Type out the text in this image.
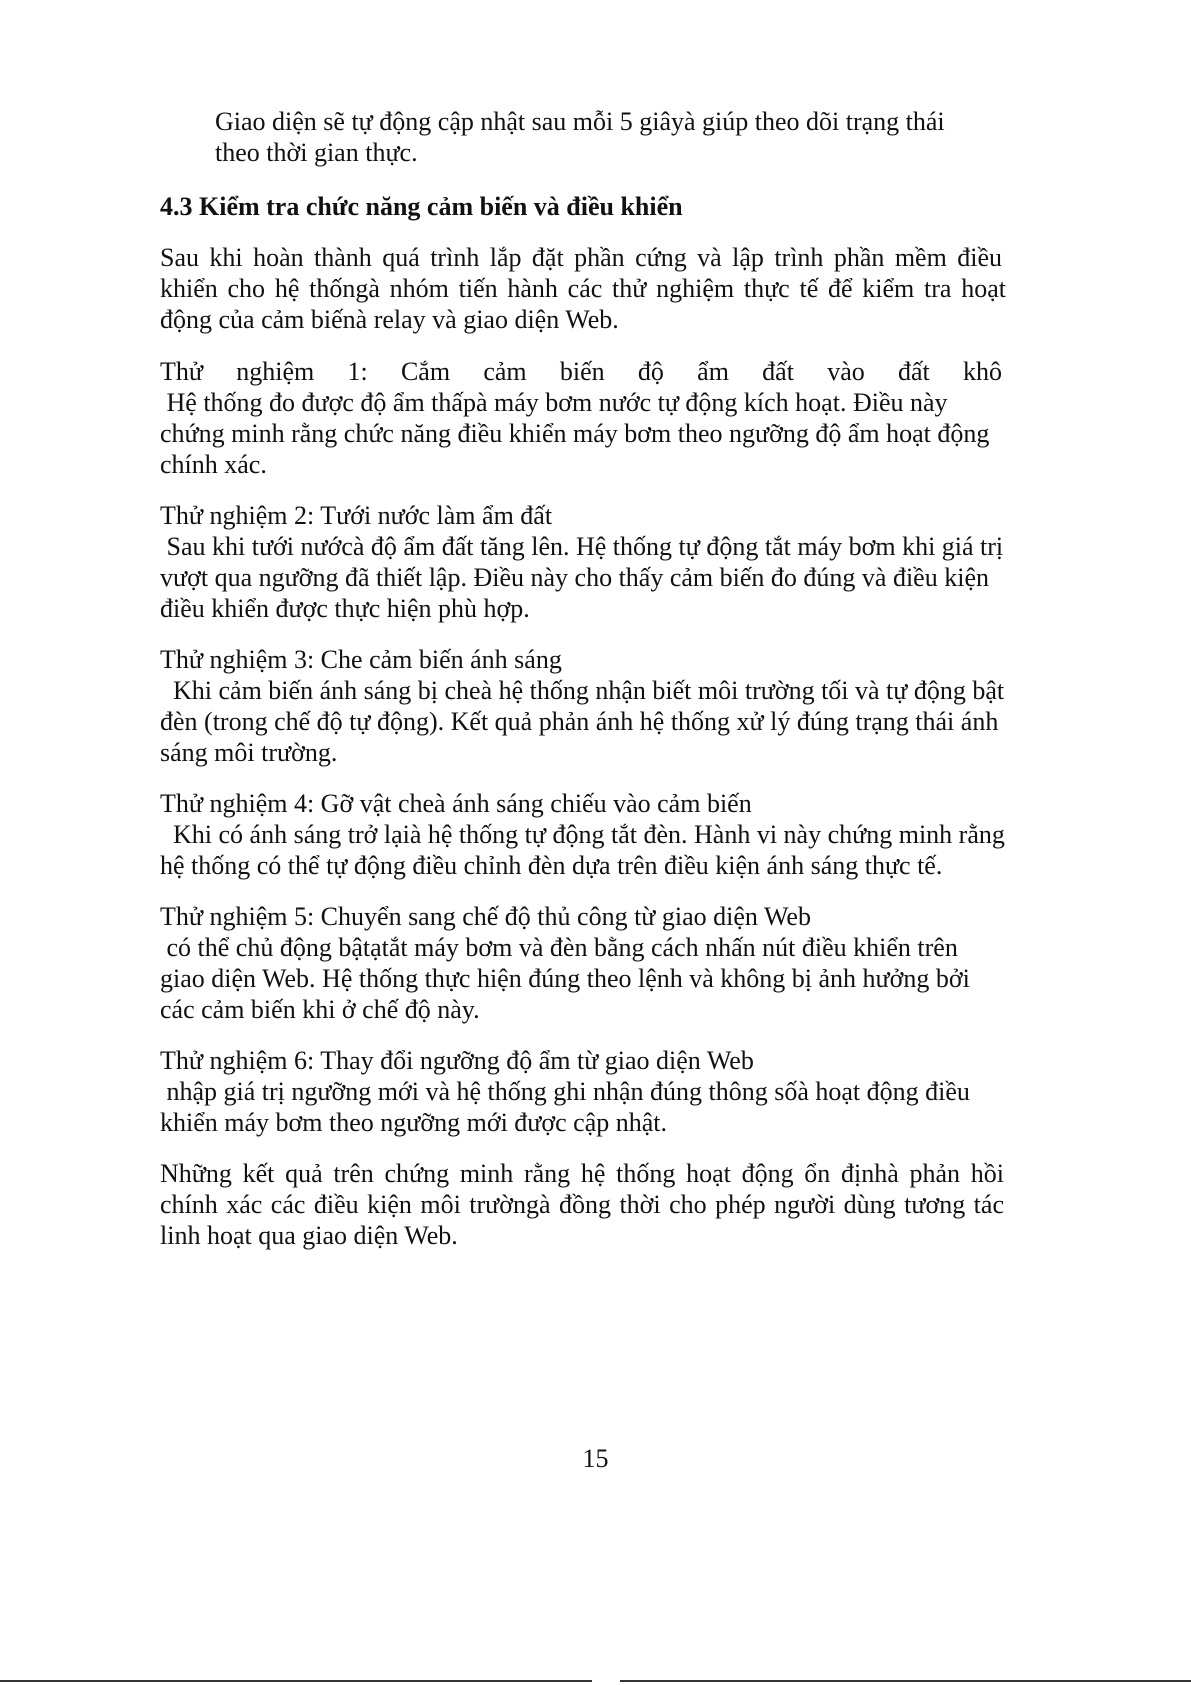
Giao diện sẽ tự động cập nhật sau mỗi 5 giâyà giúp theo dõi trạng thái
theo thời gian thực.
4.3 Kiểm tra chức năng cảm biến và điều khiển
Sau khi hoàn thành quá trình lắp đặt phần cứng và lập trình phần mềm điều
khiển cho hệ thốngà nhóm tiến hành các thử nghiệm thực tế để kiểm tra hoạt
động của cảm biếnà relay và giao diện Web.
Thử nghiệm 1: Cắm cảm biến độ ẩm đất vào đất khô
Hệ thống đo được độ ẩm thấpà máy bơm nước tự động kích hoạt. Điều này
chứng minh rằng chức năng điều khiển máy bơm theo ngưỡng độ ẩm hoạt động
chính xác.
Thử nghiệm 2: Tưới nước làm ẩm đất
Sau khi tưới nướcà độ ẩm đất tăng lên. Hệ thống tự động tắt máy bơm khi giá trị
vượt qua ngưỡng đã thiết lập. Điều này cho thấy cảm biến đo đúng và điều kiện
điều khiển được thực hiện phù hợp.
Thử nghiệm 3: Che cảm biến ánh sáng
Khi cảm biến ánh sáng bị cheà hệ thống nhận biết môi trường tối và tự động bật
đèn (trong chế độ tự động). Kết quả phản ánh hệ thống xử lý đúng trạng thái ánh
sáng môi trường.
Thử nghiệm 4: Gỡ vật cheà ánh sáng chiếu vào cảm biến
Khi có ánh sáng trở lạià hệ thống tự động tắt đèn. Hành vi này chứng minh rằng
hệ thống có thể tự động điều chỉnh đèn dựa trên điều kiện ánh sáng thực tế.
Thử nghiệm 5: Chuyển sang chế độ thủ công từ giao diện Web
có thể chủ động bậtạtắt máy bơm và đèn bằng cách nhấn nút điều khiển trên
giao diện Web. Hệ thống thực hiện đúng theo lệnh và không bị ảnh hưởng bởi
các cảm biến khi ở chế độ này.
Thử nghiệm 6: Thay đổi ngưỡng độ ẩm từ giao diện Web
nhập giá trị ngưỡng mới và hệ thống ghi nhận đúng thông sốà hoạt động điều
khiển máy bơm theo ngưỡng mới được cập nhật.
Những kết quả trên chứng minh rằng hệ thống hoạt động ổn địnhà phản hồi
chính xác các điều kiện môi trườngà đồng thời cho phép người dùng tương tác
linh hoạt qua giao diện Web.
15
